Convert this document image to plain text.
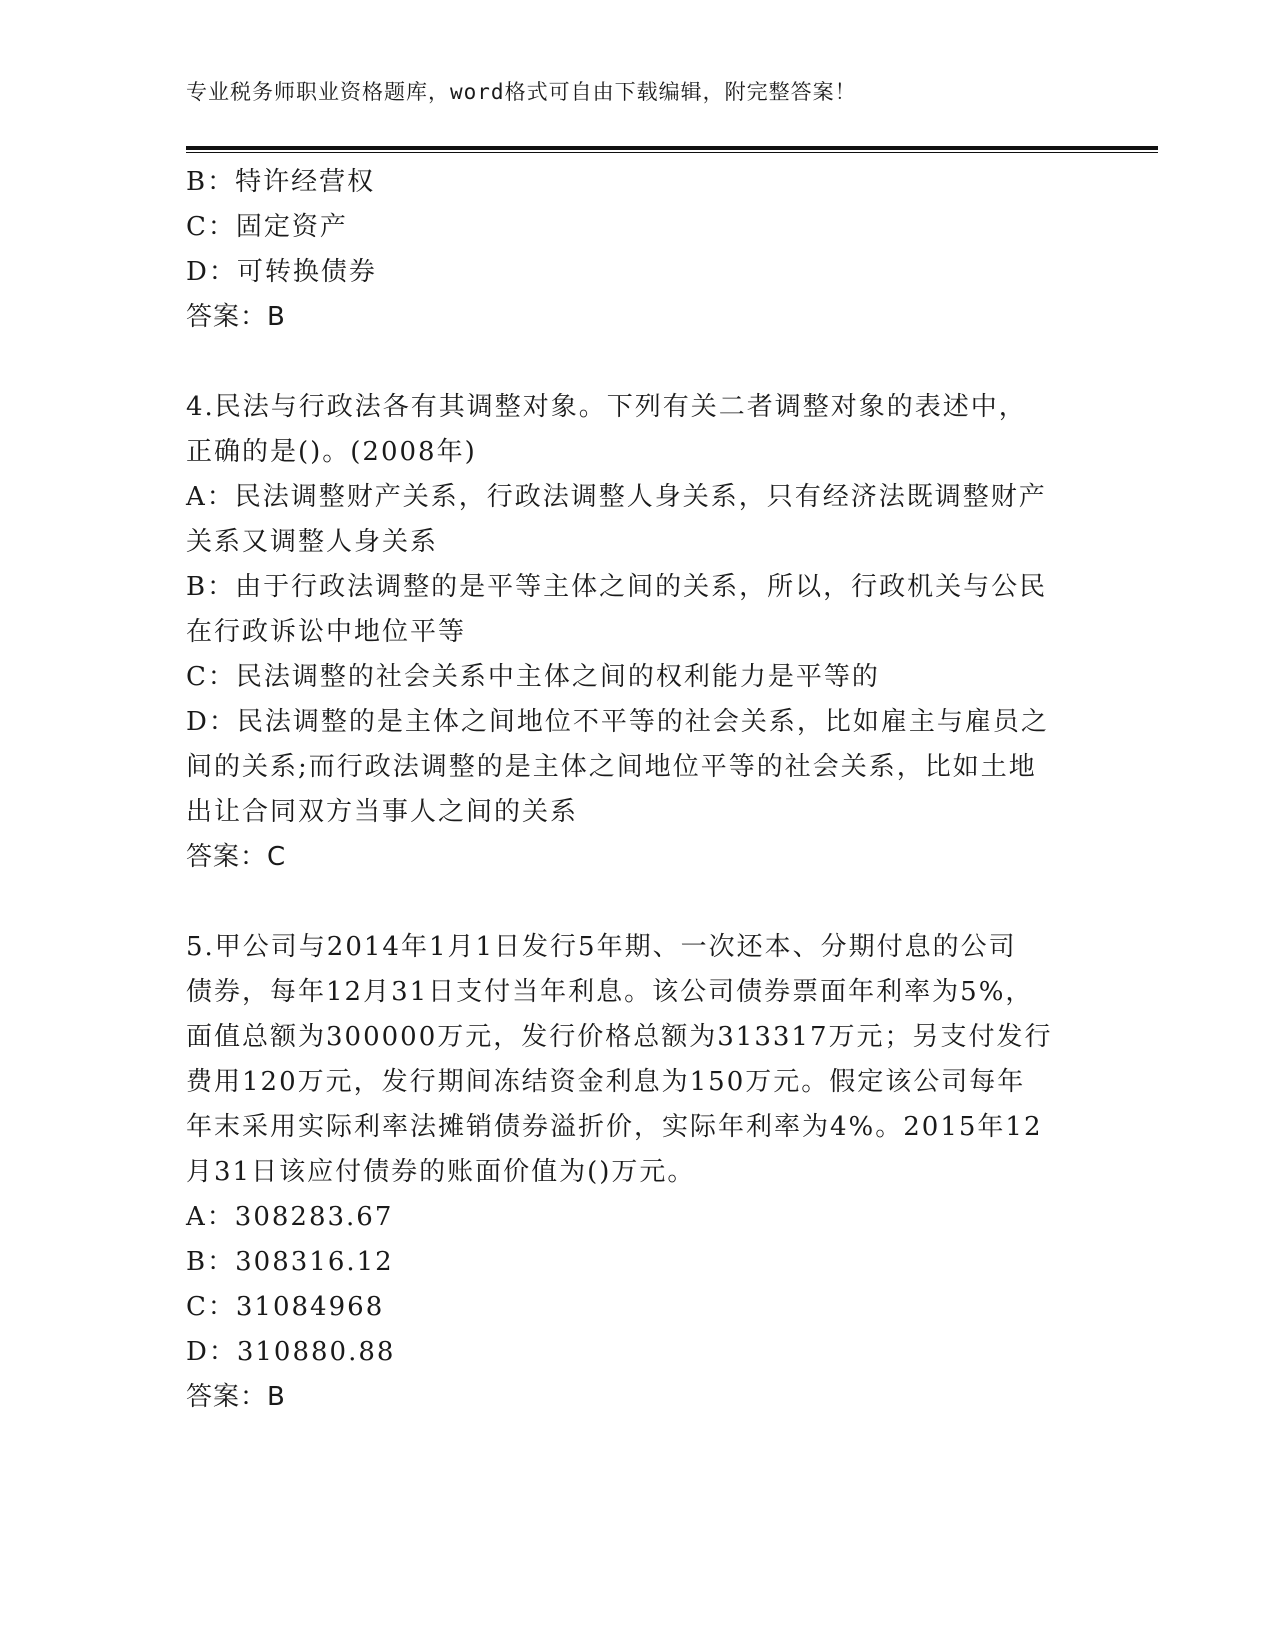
专业税务师职业资格题库，word格式可自由下载编辑，附完整答案！
B：特许经营权
C：固定资产
D：可转换债券
答案：B
4.民法与行政法各有其调整对象。下列有关二者调整对象的表述中，
正确的是()。(2008年)
A：民法调整财产关系，行政法调整人身关系，只有经济法既调整财产
关系又调整人身关系
B：由于行政法调整的是平等主体之间的关系，所以，行政机关与公民
在行政诉讼中地位平等
C：民法调整的社会关系中主体之间的权利能力是平等的
D：民法调整的是主体之间地位不平等的社会关系，比如雇主与雇员之
间的关系;而行政法调整的是主体之间地位平等的社会关系，比如土地
出让合同双方当事人之间的关系
答案：C
5.甲公司与2014年1月1日发行5年期、一次还本、分期付息的公司
债券，每年12月31日支付当年利息。该公司债券票面年利率为5%，
面值总额为300000万元，发行价格总额为313317万元；另支付发行
费用120万元，发行期间冻结资金利息为150万元。假定该公司每年
年末采用实际利率法摊销债券溢折价，实际年利率为4%。2015年12
月31日该应付债券的账面价值为()万元。
A：308283.67
B：308316.12
C：31084968
D：310880.88
答案：B
